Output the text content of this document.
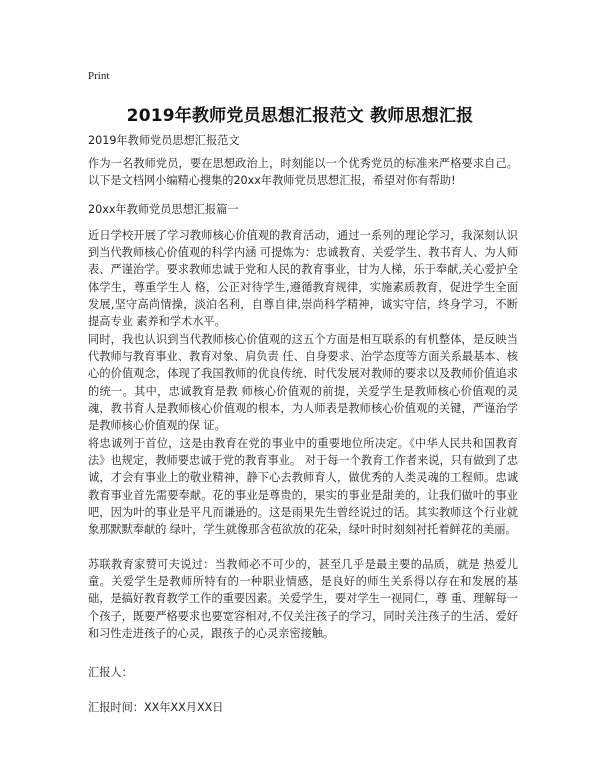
Print
2019年教师党员思想汇报范文 教师思想汇报
2019年教师党员思想汇报范文
作为一名教师党员，要在思想政治上，时刻能以一个优秀党员的标准来严格要求自己。以下是文档网小编精心搜集的20xx年教师党员思想汇报，希望对你有帮助!
20xx年教师党员思想汇报篇一
近日学校开展了学习教师核心价值观的教育活动，通过一系列的理论学习，我深刻认识到当代教师核心价值观的科学内涵 可提炼为：忠诚教育、关爱学生、教书育人、为人师表、严谨治学。要求教师忠诚于党和人民的教育事业，甘为人梯，乐于奉献,关心爱护全体学生，尊重学生人 格，公正对待学生,遵循教育规律，实施素质教育，促进学生全面发展,坚守高尚情操，淡泊名利，自尊自律,崇尚科学精神，诚实守信，终身学习，不断提高专业 素养和学术水平。
同时，我也认识到当代教师核心价值观的这五个方面是相互联系的有机整体，是反映当代教师与教育事业、教育对象、肩负责 任、自身要求、治学态度等方面关系最基本、核心的价值观念，体现了我国教师的优良传统、时代发展对教师的要求以及教师价值追求的统一。其中，忠诚教育是教 师核心价值观的前提，关爱学生是教师核心价值观的灵魂，教书育人是教师核心价值观的根本，为人师表是教师核心价值观的关键，严谨治学是教师核心价值观的保 证。
将忠诚列于首位，这是由教育在党的事业中的重要地位所决定。《中华人民共和国教育法》也规定，教师要忠诚于党的教育事业。 对于每一个教育工作者来说，只有做到了忠诚，才会有事业上的敬业精神，静下心去教师育人，做优秀的人类灵魂的工程师。忠诚教育事业首先需要奉献。花的事业是尊贵的，果实的事业是甜美的，让我们做叶的事业吧，因为叶的事业是平凡而谦逊的。这是雨果先生曾经说过的话。其实教师这个行业就象那默默奉献的 绿叶，学生就像那含苞欲放的花朵，绿叶时时刻刻衬托着鲜花的美丽。
苏联教育家赞可夫说过：当教师必不可少的，甚至几乎是最主要的品质，就是 热爱儿童。关爱学生是教师所特有的一种职业情感，是良好的师生关系得以存在和发展的基础，是搞好教育教学工作的重要因素。关爱学生，要对学生一视同仁，尊 重、理解每一个孩子，既要严格要求也要宽容相对,不仅关注孩子的学习，同时关注孩子的生活、爱好和习性走进孩子的心灵，跟孩子的心灵亲密接触。
汇报人：
汇报时间：XX年XX月XX日
